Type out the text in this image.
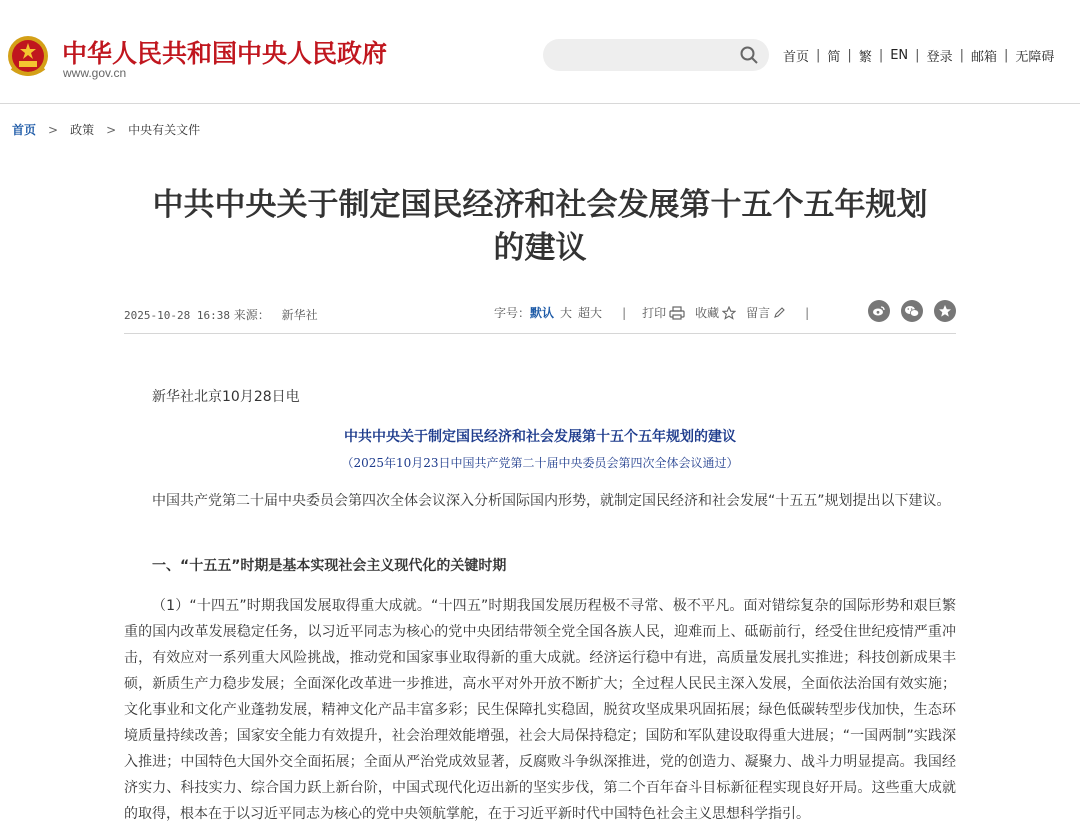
中华人民共和国中央人民政府
www.gov.cn
首页 | 简 | 繁 | EN | 登录 | 邮箱 | 无障碍
首页 > 政策 > 中央有关文件
中共中央关于制定国民经济和社会发展第十五个五年规划
的建议
2025-10-28 16:38 来源： 新华社	字号： 默认 大 超大 | 打印 收藏 留言	|
新华社北京10月28日电
中共中央关于制定国民经济和社会发展第十五个五年规划的建议
（2025年10月23日中国共产党第二十届中央委员会第四次全体会议通过）

中国共产党第二十届中央委员会第四次全体会议深入分析国际国内形势，就制定国民经济和社会发展“十五五”规划提出以下建议。

一、“十五五”时期是基本实现社会主义现代化的关键时期

（1）“十四五”时期我国发展取得重大成就。“十四五”时期我国发展历程极不寻常、极不平凡。面对错综复杂的国际形势和艰巨繁重的国内改革发展稳定任务，以习近平同志为核心的党中央团结带领全党全国各族人民，迎难而上、砥砺前行，经受住世纪疫情严重冲击，有效应对一系列重大风险挑战，推动党和国家事业取得新的重大成就。经济运行稳中有进，高质量发展扎实推进；科技创新成果丰硕，新质生产力稳步发展；全面深化改革进一步推进，高水平对外开放不断扩大；全过程人民民主深入发展，全面依法治国有效实施；文化事业和文化产业蓬勃发展，精神文化产品丰富多彩；民生保障扎实稳固，脱贫攻坚成果巩固拓展；绿色低碳转型步伐加快，生态环境质量持续改善；国家安全能力有效提升，社会治理效能增强，社会大局保持稳定；国防和军队建设取得重大进展；“一国两制”实践深入推进；中国特色大国外交全面拓展；全面从严治党成效显著，反腐败斗争纵深推进，党的创造力、凝聚力、战斗力明显提高。我国经济实力、科技实力、综合国力跃上新台阶，中国式现代化迈出新的坚实步伐，第二个百年奋斗目标新征程实现良好开局。这些重大成就的取得，根本在于以习近平同志为核心的党中央领航掌舵，在于习近平新时代中国特色社会主义思想科学指引。
